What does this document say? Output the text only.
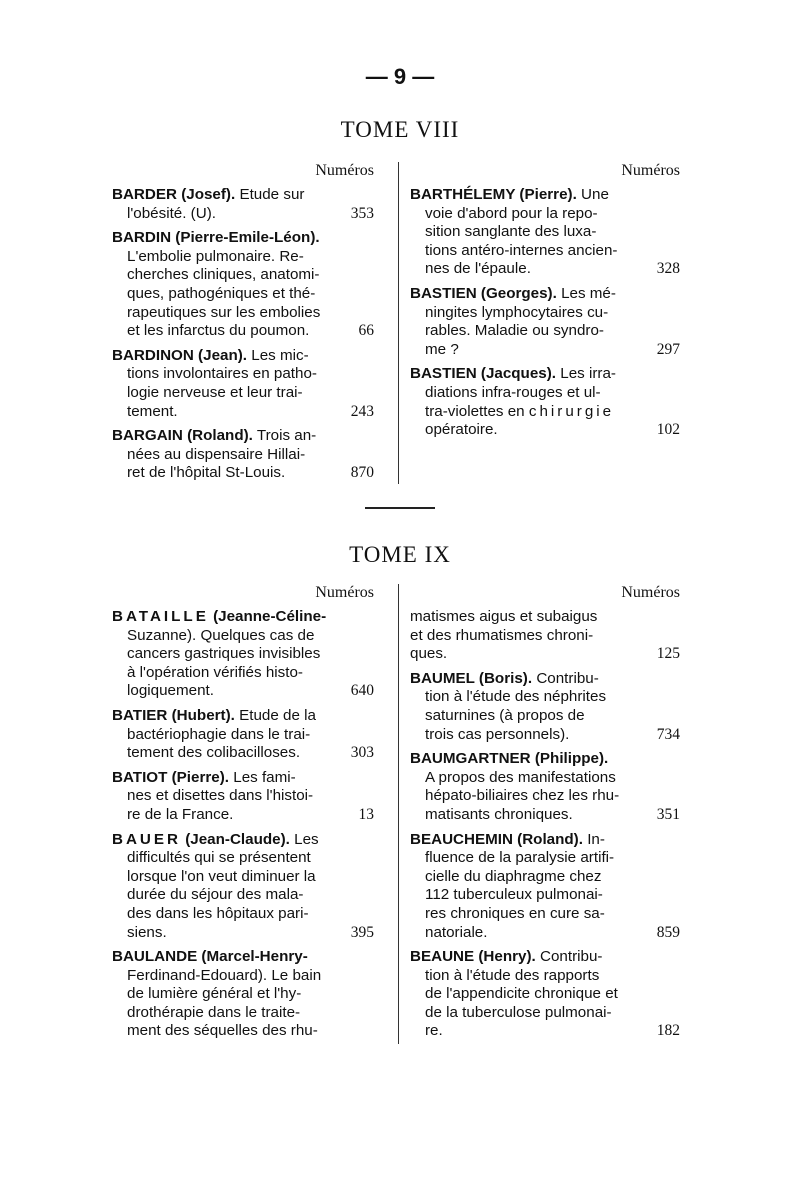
— 9 —
TOME VIII
Numéros
BARDER (Josef). Etude sur
l'obésité. (U).	353
BARDIN (Pierre-Emile-Léon).
L'embolie pulmonaire. Re-
cherches cliniques, anatomi-
ques, pathogéniques et thé-
rapeutiques sur les embolies
et les infarctus du poumon.	66
BARDINON (Jean). Les mic-
tions involontaires en patho-
logie nerveuse et leur trai-
tement.	243
BARGAIN (Roland). Trois an-
nées au dispensaire Hillai-
ret de l'hôpital St-Louis.	870
Numéros
BARTHÉLEMY (Pierre). Une
voie d'abord pour la repo-
sition sanglante des luxa-
tions antéro-internes ancien-
nes de l'épaule.	328
BASTIEN (Georges). Les mé-
ningites lymphocytaires cu-
rables. Maladie ou syndro-
me ?	297
BASTIEN (Jacques). Les irra-
diations infra-rouges et ul-
tra-violettes en chirurgie
opératoire.	102
TOME IX
Numéros
BATAILLE (Jeanne-Céline-
Suzanne). Quelques cas de
cancers gastriques invisibles
à l'opération vérifiés histo-
logiquement.	640
BATIER (Hubert). Etude de la
bactériophagie dans le trai-
tement des colibacilloses.	303
BATIOT (Pierre). Les fami-
nes et disettes dans l'histoi-
re de la France.	13
BAUER (Jean-Claude). Les
difficultés qui se présentent
lorsque l'on veut diminuer la
durée du séjour des mala-
des dans les hôpitaux pari-
siens.	395
BAULANDE (Marcel-Henry-
Ferdinand-Edouard). Le bain
de lumière général et l'hy-
drothérapie dans le traite-
ment des séquelles des rhu-
Numéros
matismes aigus et subaigus
et des rhumatismes chroni-
ques.	125
BAUMEL (Boris). Contribu-
tion à l'étude des néphrites
saturnines (à propos de
trois cas personnels).	734
BAUMGARTNER (Philippe).
A propos des manifestations
hépato-biliaires chez les rhu-
matisants chroniques.	351
BEAUCHEMIN (Roland). In-
fluence de la paralysie artifi-
cielle du diaphragme chez
112 tuberculeux pulmonai-
res chroniques en cure sa-
natoriale.	859
BEAUNE (Henry). Contribu-
tion à l'étude des rapports
de l'appendicite chronique et
de la tuberculose pulmonai-
re.	182
